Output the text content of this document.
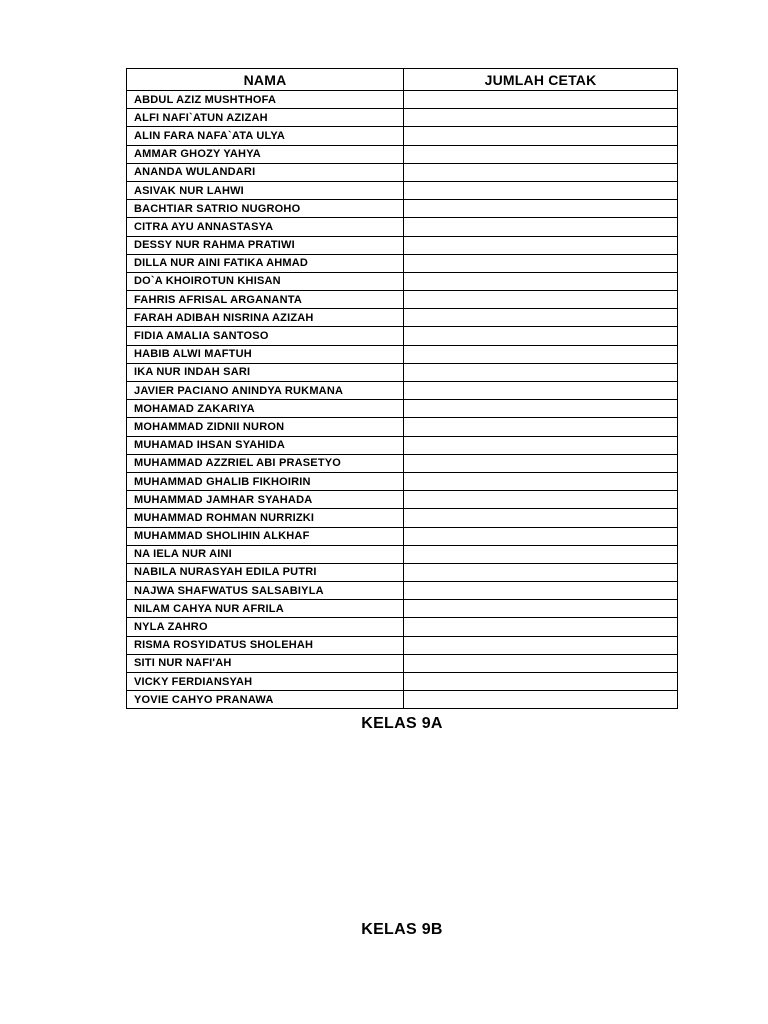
NAMA	JUMLAH CETAK
ABDUL AZIZ MUSHTHOFA	
ALFI NAFI`ATUN AZIZAH	
ALIN FARA NAFA`ATA ULYA	
AMMAR GHOZY YAHYA	
ANANDA WULANDARI	
ASIVAK NUR LAHWI	
BACHTIAR SATRIO NUGROHO	
CITRA AYU ANNASTASYA	
DESSY NUR RAHMA PRATIWI	
DILLA NUR AINI FATIKA AHMAD	
DO`A KHOIROTUN KHISAN	
FAHRIS AFRISAL ARGANANTA	
FARAH ADIBAH NISRINA AZIZAH	
FIDIA AMALIA SANTOSO	
HABIB ALWI MAFTUH	
IKA NUR INDAH SARI	
JAVIER PACIANO ANINDYA RUKMANA	
MOHAMAD ZAKARIYA	
MOHAMMAD ZIDNII NURON	
MUHAMAD IHSAN SYAHIDA	
MUHAMMAD AZZRIEL ABI PRASETYO	
MUHAMMAD GHALIB FIKHOIRIN	
MUHAMMAD JAMHAR SYAHADA	
MUHAMMAD ROHMAN NURRIZKI	
MUHAMMAD SHOLIHIN ALKHAF	
NA IELA NUR AINI	
NABILA NURASYAH EDILA PUTRI	
NAJWA SHAFWATUS SALSABIYLA	
NILAM CAHYA NUR AFRILA	
NYLA ZAHRO	
RISMA ROSYIDATUS SHOLEHAH	
SITI NUR NAFI'AH	
VICKY FERDIANSYAH	
YOVIE CAHYO PRANAWA	
KELAS 9A
KELAS 9B
